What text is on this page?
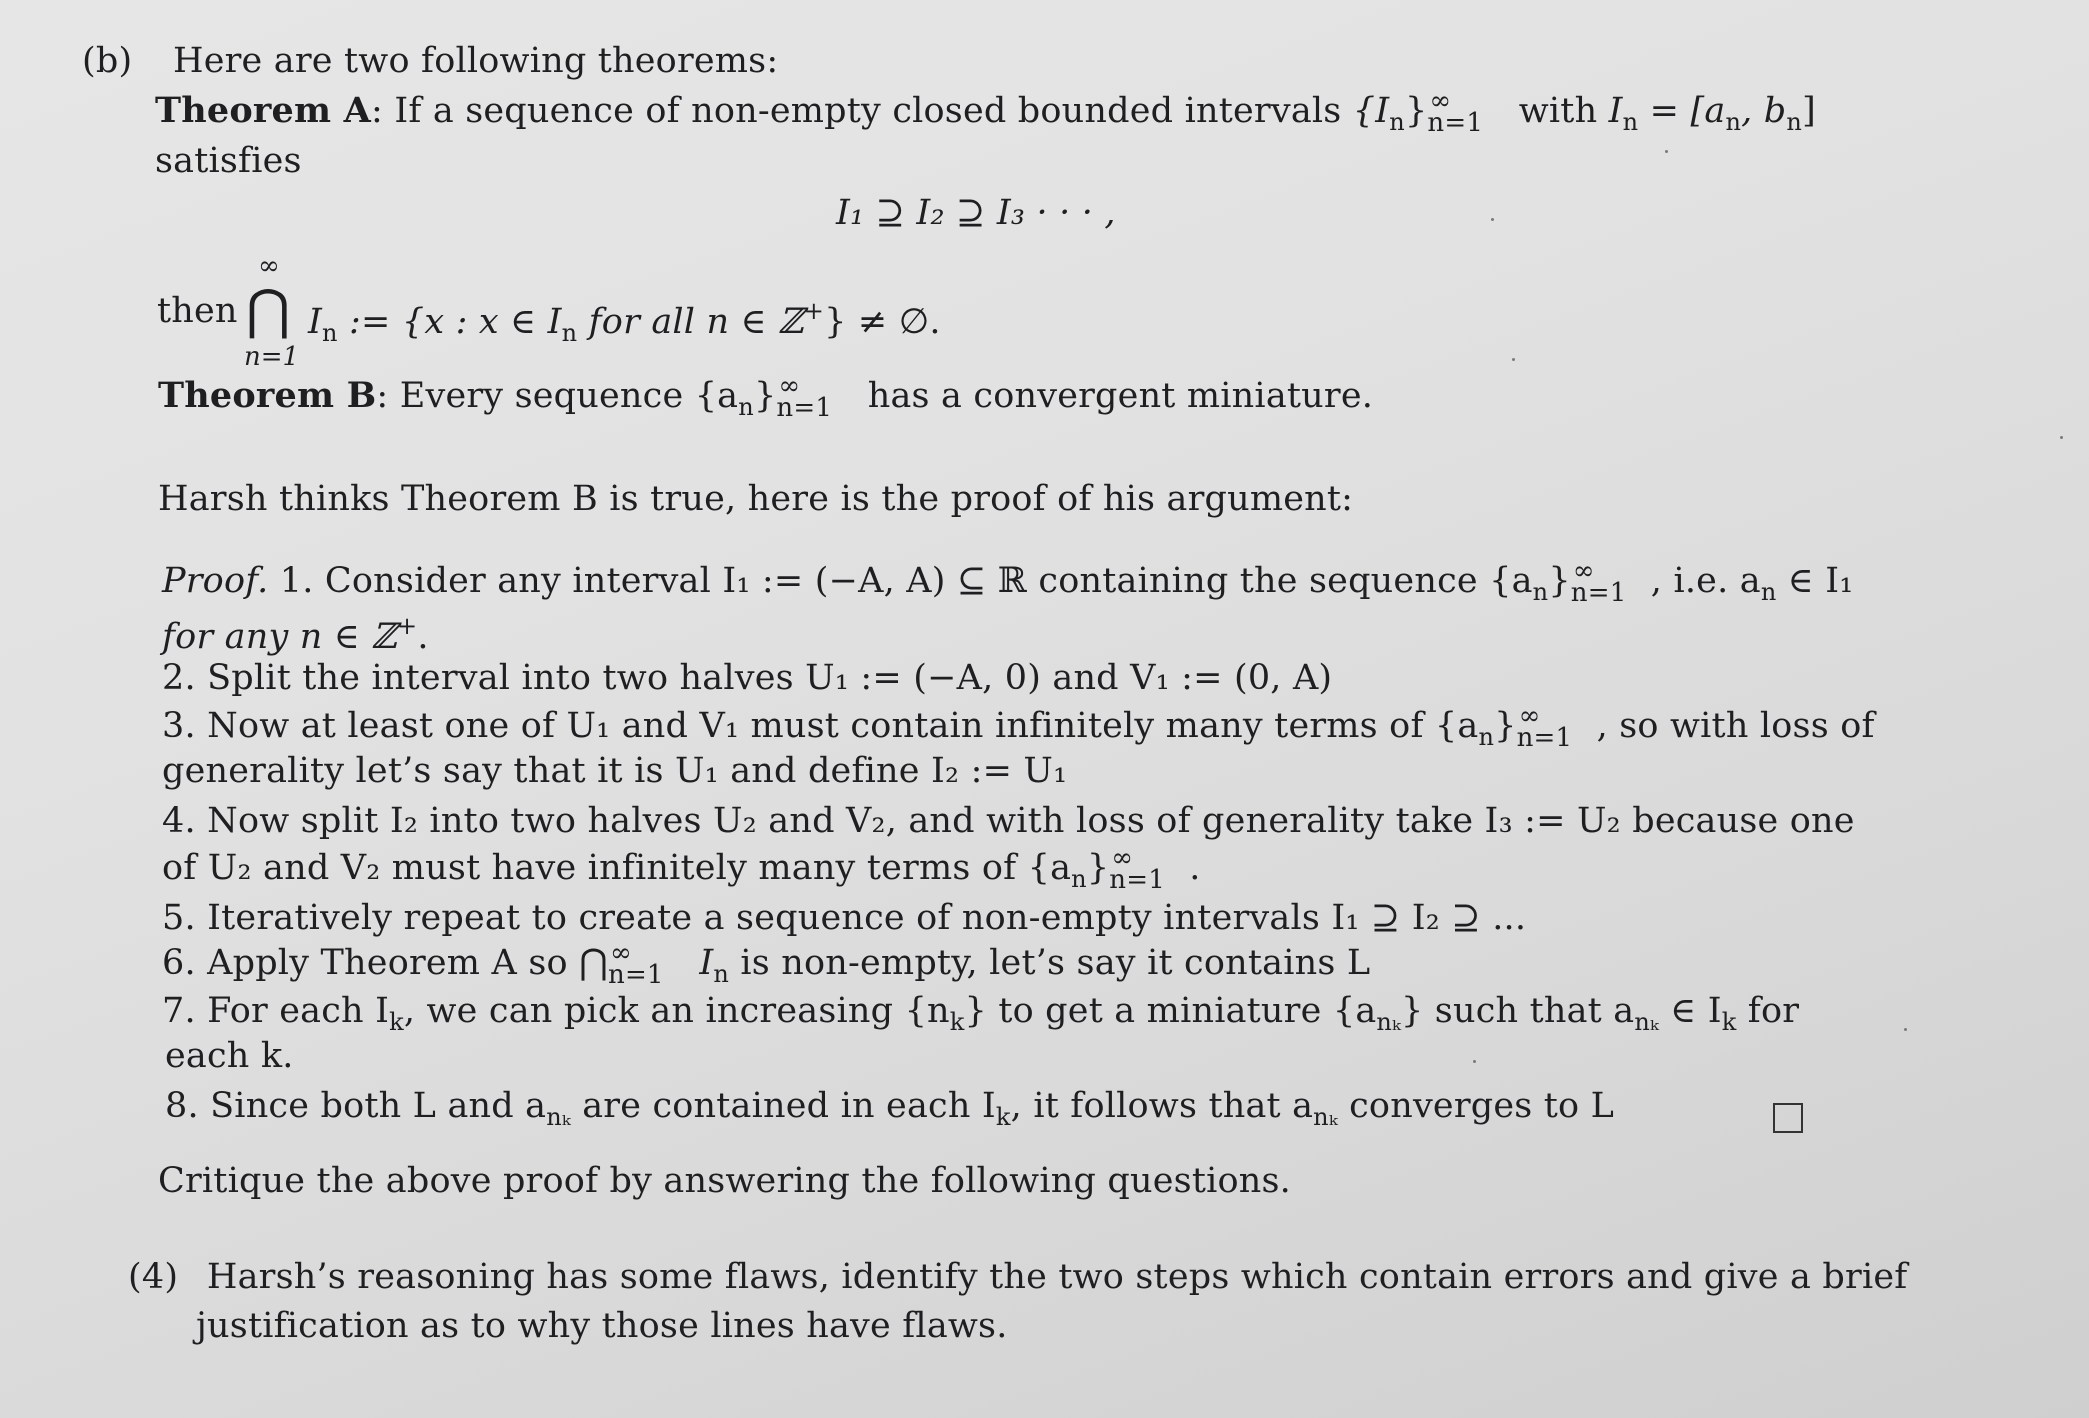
(b) Here are two following theorems:
Theorem A: If a sequence of non-empty closed bounded intervals $\{I_n\}$ ∞
n=1 with $I_n = [a_n$, $b_n$]
satisfies
I₁ ⊇ I₂ ⊇ I₃ · · · ,
then
∞
⋂
n=1
$I_n$ := {x : x ∈ $I_n$ for all n ∈ ℤ+} ≠ ∅.
Theorem B: Every sequence $\{a_n\}$ ∞
n=1 has a convergent miniature.
Harsh thinks Theorem B is true, here is the proof of his argument:
Proof. 1. Consider any interval I₁ := (−A, A) ⊆ ℝ containing the sequence $\{a_n\}$ ∞
n=1 , i.e. $a_n$ ∈ I₁
for any n ∈ ℤ+.
2. Split the interval into two halves U₁ := (−A, 0) and V₁ := (0, A)
3. Now at least one of U₁ and V₁ must contain infinitely many terms of $\{a_n\}$ ∞
n=1 , so with loss of
generality let’s say that it is U₁ and define I₂ := U₁
4. Now split I₂ into two halves U₂ and V₂, and with loss of generality take I₃ := U₂ because one
of U₂ and V₂ must have infinitely many terms of $\{a_n\}$ ∞
n=1 .
5. Iteratively repeat to create a sequence of non-empty intervals I₁ ⊇ I₂ ⊇ ...
6. Apply Theorem A so ⋂ ∞
n=1 $I_n$ is non-empty, let’s say it contains L
7. For each $I_k$, we can pick an increasing $\{n_k\}$ to get a miniature $\{a_{n_k}\}$ such that $a_{n_k}$ ∈ $I_k$ for
each k.
8. Since both L and $a_{n_k}$ are contained in each $I_k$, it follows that $a_{n_k}$ converges to L
Critique the above proof by answering the following questions.
(4) Harsh’s reasoning has some flaws, identify the two steps which contain errors and give a brief
justification as to why those lines have flaws.
